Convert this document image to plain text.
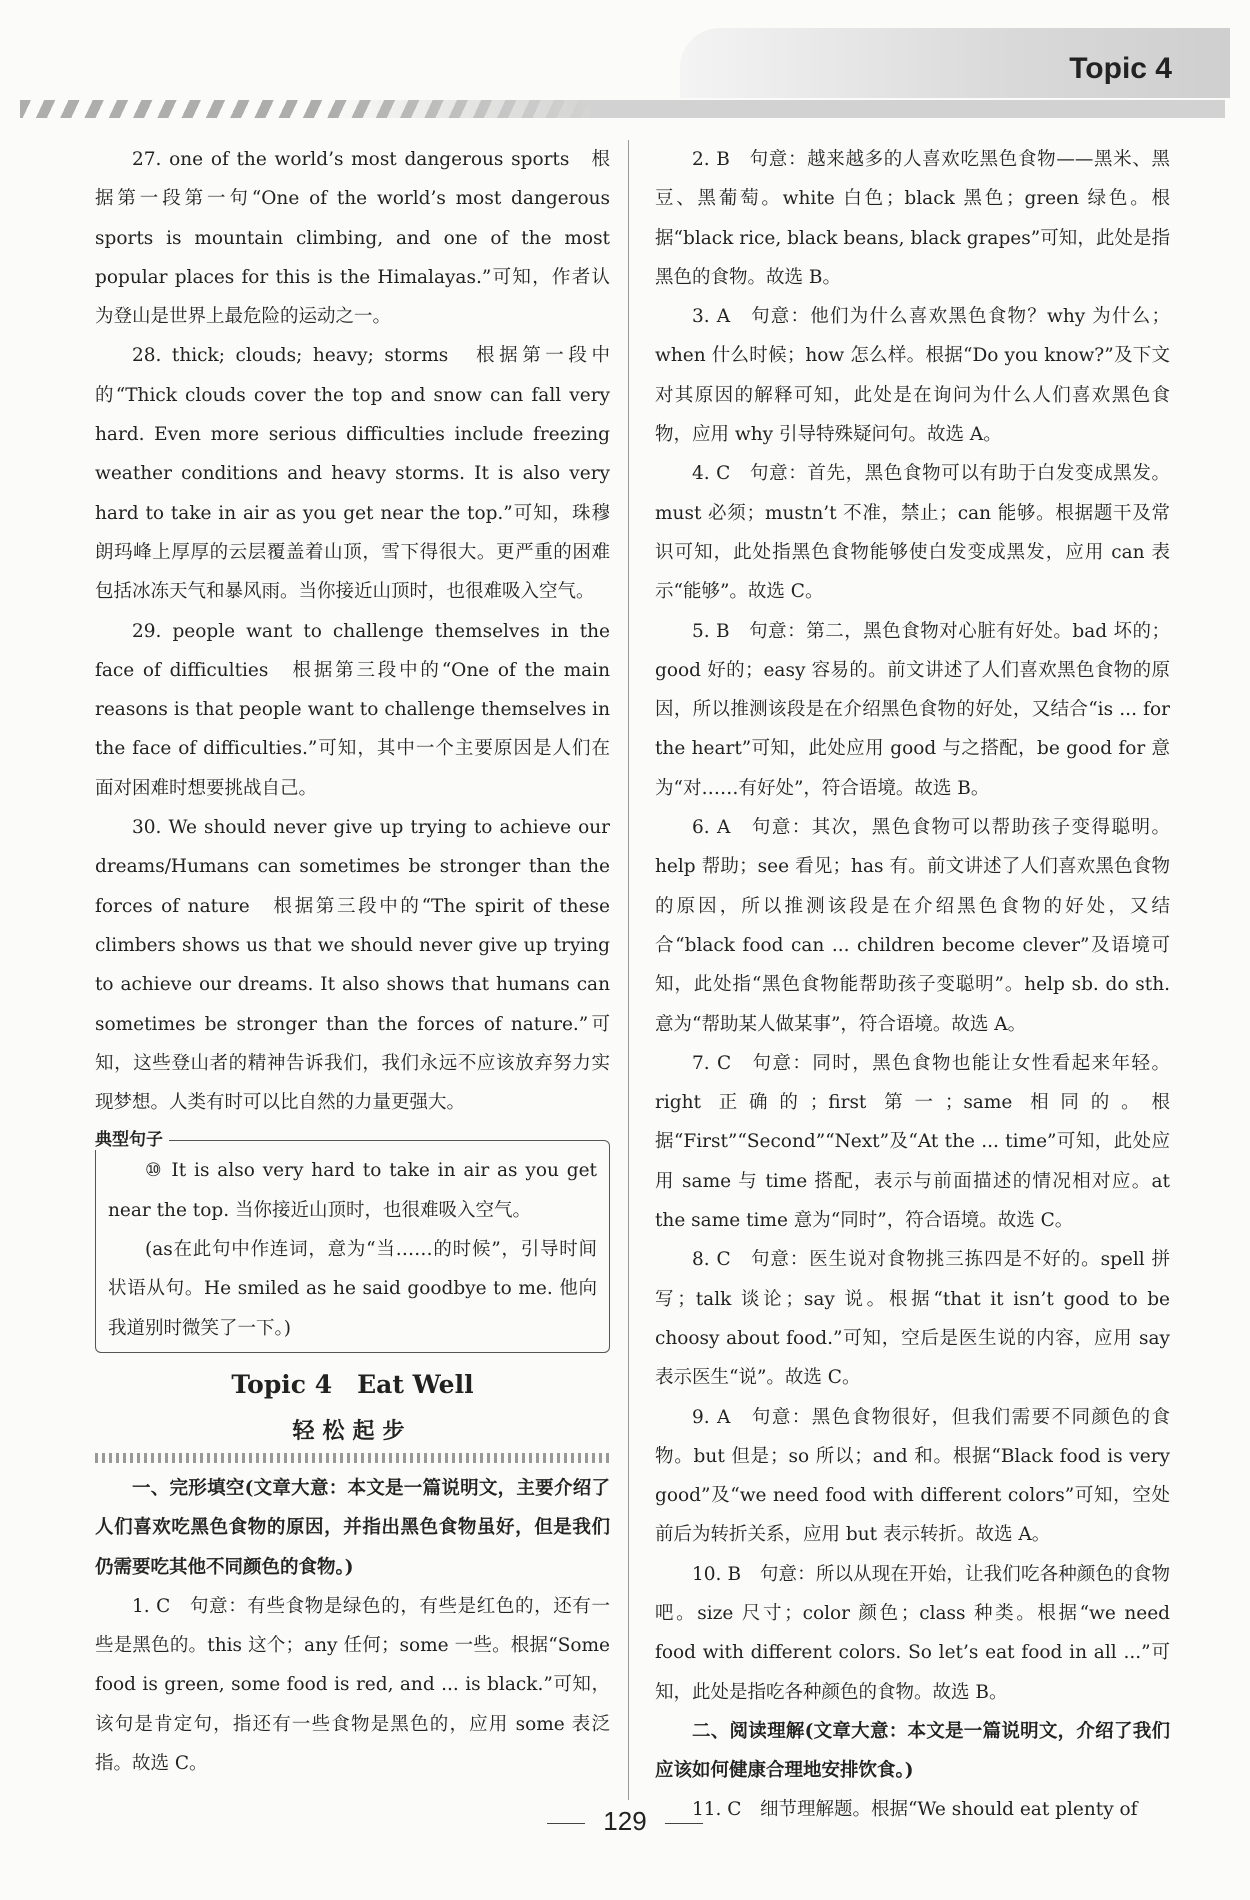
Topic 4

27. one of the world’s most dangerous sports　根据第一段第一句“One of the world’s most dangerous sports is mountain climbing, and one of the most popular places for this is the Himalayas.”可知，作者认为登山是世界上最危险的运动之一。

28. thick; clouds; heavy; storms　根据第一段中的“Thick clouds cover the top and snow can fall very hard. Even more serious difficulties include freezing weather conditions and heavy storms. It is also very hard to take in air as you get near the top.”可知，珠穆朗玛峰上厚厚的云层覆盖着山顶，雪下得很大。更严重的困难包括冰冻天气和暴风雨。当你接近山顶时，也很难吸入空气。

29. people want to challenge themselves in the face of difficulties　根据第三段中的“One of the main reasons is that people want to challenge themselves in the face of difficulties.”可知，其中一个主要原因是人们在面对困难时想要挑战自己。

30. We should never give up trying to achieve our dreams/Humans can sometimes be stronger than the forces of nature　根据第三段中的“The spirit of these climbers shows us that we should never give up trying to achieve our dreams. It also shows that humans can sometimes be stronger than the forces of nature.”可知，这些登山者的精神告诉我们，我们永远不应该放弃努力实现梦想。人类有时可以比自然的力量更强大。

典型句子

⑩ It is also very hard to take in air as you get near the top. 当你接近山顶时，也很难吸入空气。

(as在此句中作连词，意为“当……的时候”，引导时间状语从句。He smiled as he said goodbye to me. 他向我道别时微笑了一下。)

Topic 4　Eat Well
轻松起步

一、完形填空(文章大意：本文是一篇说明文，主要介绍了人们喜欢吃黑色食物的原因，并指出黑色食物虽好，但是我们仍需要吃其他不同颜色的食物。)

1. C　句意：有些食物是绿色的，有些是红色的，还有一些是黑色的。this 这个；any 任何；some 一些。根据“Some food is green, some food is red, and ... is black.”可知，该句是肯定句，指还有一些食物是黑色的，应用 some 表泛指。故选 C。

2. B　句意：越来越多的人喜欢吃黑色食物——黑米、黑豆、黑葡萄。white 白色；black 黑色；green 绿色。根据“black rice, black beans, black grapes”可知，此处是指黑色的食物。故选 B。

3. A　句意：他们为什么喜欢黑色食物？why 为什么；when 什么时候；how 怎么样。根据“Do you know?”及下文对其原因的解释可知，此处是在询问为什么人们喜欢黑色食物，应用 why 引导特殊疑问句。故选 A。

4. C　句意：首先，黑色食物可以有助于白发变成黑发。must 必须；mustn’t 不准，禁止；can 能够。根据题干及常识可知，此处指黑色食物能够使白发变成黑发，应用 can 表示“能够”。故选 C。

5. B　句意：第二，黑色食物对心脏有好处。bad 坏的；good 好的；easy 容易的。前文讲述了人们喜欢黑色食物的原因，所以推测该段是在介绍黑色食物的好处，又结合“is ... for the heart”可知，此处应用 good 与之搭配，be good for 意为“对……有好处”，符合语境。故选 B。

6. A　句意：其次，黑色食物可以帮助孩子变得聪明。help 帮助；see 看见；has 有。前文讲述了人们喜欢黑色食物的原因，所以推测该段是在介绍黑色食物的好处，又结合“black food can ... children become clever”及语境可知，此处指“黑色食物能帮助孩子变聪明”。help sb. do sth. 意为“帮助某人做某事”，符合语境。故选 A。

7. C　句意：同时，黑色食物也能让女性看起来年轻。right 正确的；first 第一；same 相同的。根据“First”“Second”“Next”及“At the ... time”可知，此处应用 same 与 time 搭配，表示与前面描述的情况相对应。at the same time 意为“同时”，符合语境。故选 C。

8. C　句意：医生说对食物挑三拣四是不好的。spell 拼写；talk 谈论；say 说。根据“that it isn’t good to be choosy about food.”可知，空后是医生说的内容，应用 say 表示医生“说”。故选 C。

9. A　句意：黑色食物很好，但我们需要不同颜色的食物。but 但是；so 所以；and 和。根据“Black food is very good”及“we need food with different colors”可知，空处前后为转折关系，应用 but 表示转折。故选 A。

10. B　句意：所以从现在开始，让我们吃各种颜色的食物吧。size 尺寸；color 颜色；class 种类。根据“we need food with different colors. So let’s eat food in all ...”可知，此处是指吃各种颜色的食物。故选 B。

二、阅读理解(文章大意：本文是一篇说明文，介绍了我们应该如何健康合理地安排饮食。)

11. C　细节理解题。根据“We should eat plenty of

129
